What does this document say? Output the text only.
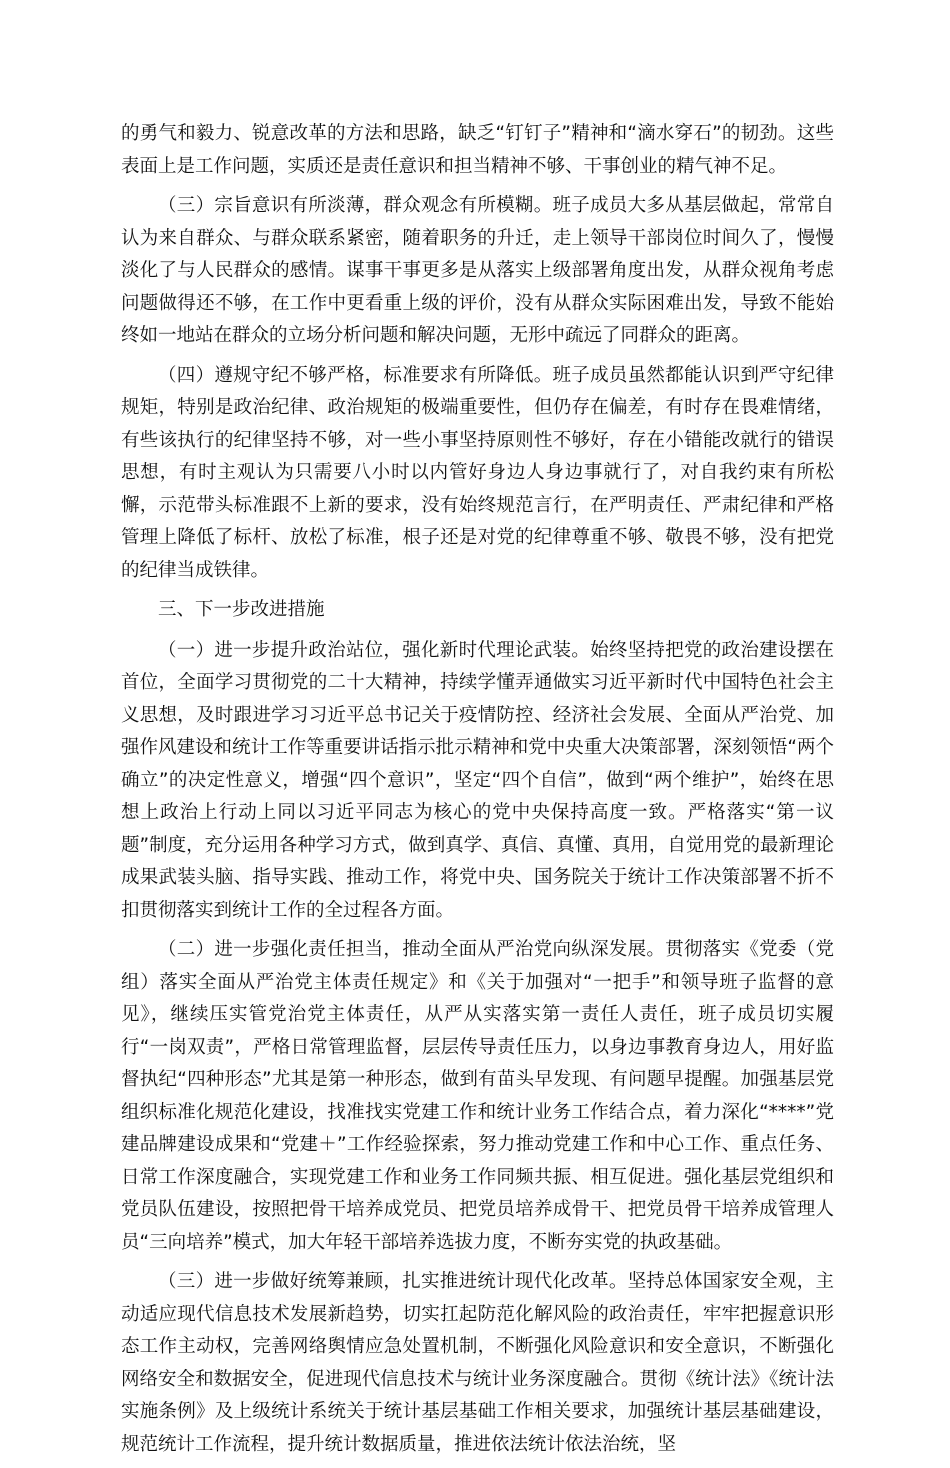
的勇气和毅力、锐意改革的方法和思路，缺乏“钉钉子”精神和“滴水穿石”的韧劲。这些表面上是工作问题，实质还是责任意识和担当精神不够、干事创业的精气神不足。

（三）宗旨意识有所淡薄，群众观念有所模糊。班子成员大多从基层做起，常常自认为来自群众、与群众联系紧密，随着职务的升迁，走上领导干部岗位时间久了，慢慢淡化了与人民群众的感情。谋事干事更多是从落实上级部署角度出发，从群众视角考虑问题做得还不够，在工作中更看重上级的评价，没有从群众实际困难出发，导致不能始终如一地站在群众的立场分析问题和解决问题，无形中疏远了同群众的距离。

（四）遵规守纪不够严格，标准要求有所降低。班子成员虽然都能认识到严守纪律规矩，特别是政治纪律、政治规矩的极端重要性，但仍存在偏差，有时存在畏难情绪，有些该执行的纪律坚持不够，对一些小事坚持原则性不够好，存在小错能改就行的错误思想，有时主观认为只需要八小时以内管好身边人身边事就行了，对自我约束有所松懈，示范带头标准跟不上新的要求，没有始终规范言行，在严明责任、严肃纪律和严格管理上降低了标杆、放松了标准，根子还是对党的纪律尊重不够、敬畏不够，没有把党的纪律当成铁律。

三、下一步改进措施

（一）进一步提升政治站位，强化新时代理论武装。始终坚持把党的政治建设摆在首位，全面学习贯彻党的二十大精神，持续学懂弄通做实习近平新时代中国特色社会主义思想，及时跟进学习习近平总书记关于疫情防控、经济社会发展、全面从严治党、加强作风建设和统计工作等重要讲话指示批示精神和党中央重大决策部署，深刻领悟“两个确立”的决定性意义，增强“四个意识”，坚定“四个自信”，做到“两个维护”，始终在思想上政治上行动上同以习近平同志为核心的党中央保持高度一致。严格落实“第一议题”制度，充分运用各种学习方式，做到真学、真信、真懂、真用，自觉用党的最新理论成果武装头脑、指导实践、推动工作，将党中央、国务院关于统计工作决策部署不折不扣贯彻落实到统计工作的全过程各方面。

（二）进一步强化责任担当，推动全面从严治党向纵深发展。贯彻落实《党委（党组）落实全面从严治党主体责任规定》和《关于加强对“一把手”和领导班子监督的意见》，继续压实管党治党主体责任，从严从实落实第一责任人责任，班子成员切实履行“一岗双责”，严格日常管理监督，层层传导责任压力，以身边事教育身边人，用好监督执纪“四种形态”尤其是第一种形态，做到有苗头早发现、有问题早提醒。加强基层党组织标准化规范化建设，找准找实党建工作和统计业务工作结合点，着力深化“****”党建品牌建设成果和“党建＋”工作经验探索，努力推动党建工作和中心工作、重点任务、日常工作深度融合，实现党建工作和业务工作同频共振、相互促进。强化基层党组织和党员队伍建设，按照把骨干培养成党员、把党员培养成骨干、把党员骨干培养成管理人员“三向培养”模式，加大年轻干部培养选拔力度，不断夯实党的执政基础。

（三）进一步做好统筹兼顾，扎实推进统计现代化改革。坚持总体国家安全观，主动适应现代信息技术发展新趋势，切实扛起防范化解风险的政治责任，牢牢把握意识形态工作主动权，完善网络舆情应急处置机制，不断强化风险意识和安全意识，不断强化网络安全和数据安全，促进现代信息技术与统计业务深度融合。贯彻《统计法》《统计法实施条例》及上级统计系统关于统计基层基础工作相关要求，加强统计基层基础建设，规范统计工作流程，提升统计数据质量，推进依法统计依法治统，坚
